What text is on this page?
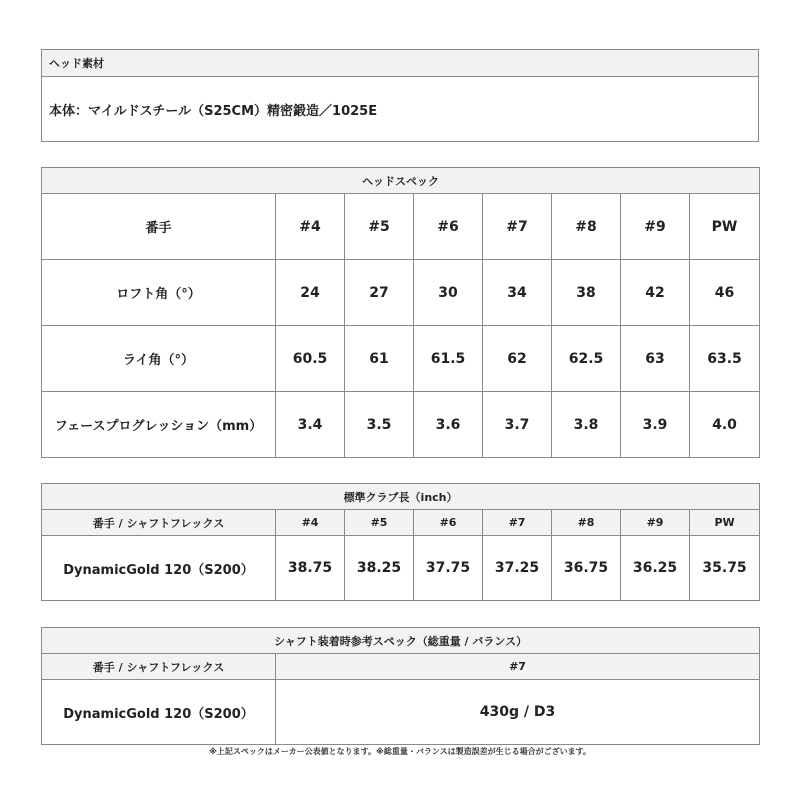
ヘッド素材
本体：マイルドスチール（S25CM）精密鍛造／1025E
ヘッドスペック							
番手	#4	#5	#6	#7	#8	#9	PW
ロフト角（°）	24	27	30	34	38	42	46
ライ角（°）	60.5	61	61.5	62	62.5	63	63.5
フェースプログレッション（mm）	3.4	3.5	3.6	3.7	3.8	3.9	4.0
標準クラブ長（inch）							
番手 / シャフトフレックス	#4	#5	#6	#7	#8	#9	PW
DynamicGold 120（S200）	38.75	38.25	37.75	37.25	36.75	36.25	35.75
シャフト装着時参考スペック（総重量 / バランス）	
番手 / シャフトフレックス	#7
DynamicGold 120（S200）	430g / D3
※上記スペックはメーカー公表値となります。※総重量・バランスは製造誤差が生じる場合がございます。
